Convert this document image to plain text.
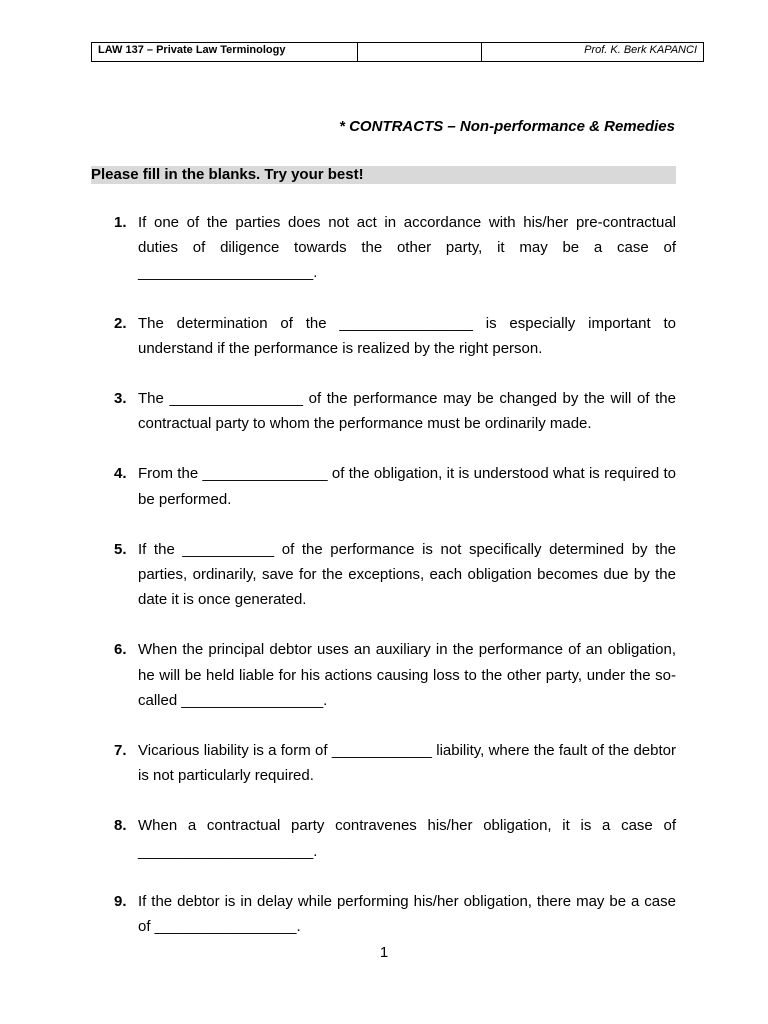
LAW 137 – Private Law Terminology		Prof. K. Berk KAPANCI
* CONTRACTS – Non-performance & Remedies
Please fill in the blanks. Try your best!
1. If one of the parties does not act in accordance with his/her pre-contractual duties of diligence towards the other party, it may be a case of _____________________.
2. The determination of the ________________ is especially important to understand if the performance is realized by the right person.
3. The ________________ of the performance may be changed by the will of the contractual party to whom the performance must be ordinarily made.
4. From the _______________ of the obligation, it is understood what is required to be performed.
5. If the ___________ of the performance is not specifically determined by the parties, ordinarily, save for the exceptions, each obligation becomes due by the date it is once generated.
6. When the principal debtor uses an auxiliary in the performance of an obligation, he will be held liable for his actions causing loss to the other party, under the so-called _________________.
7. Vicarious liability is a form of ____________ liability, where the fault of the debtor is not particularly required.
8. When a contractual party contravenes his/her obligation, it is a case of _____________________.
9. If the debtor is in delay while performing his/her obligation, there may be a case of _________________.
1
